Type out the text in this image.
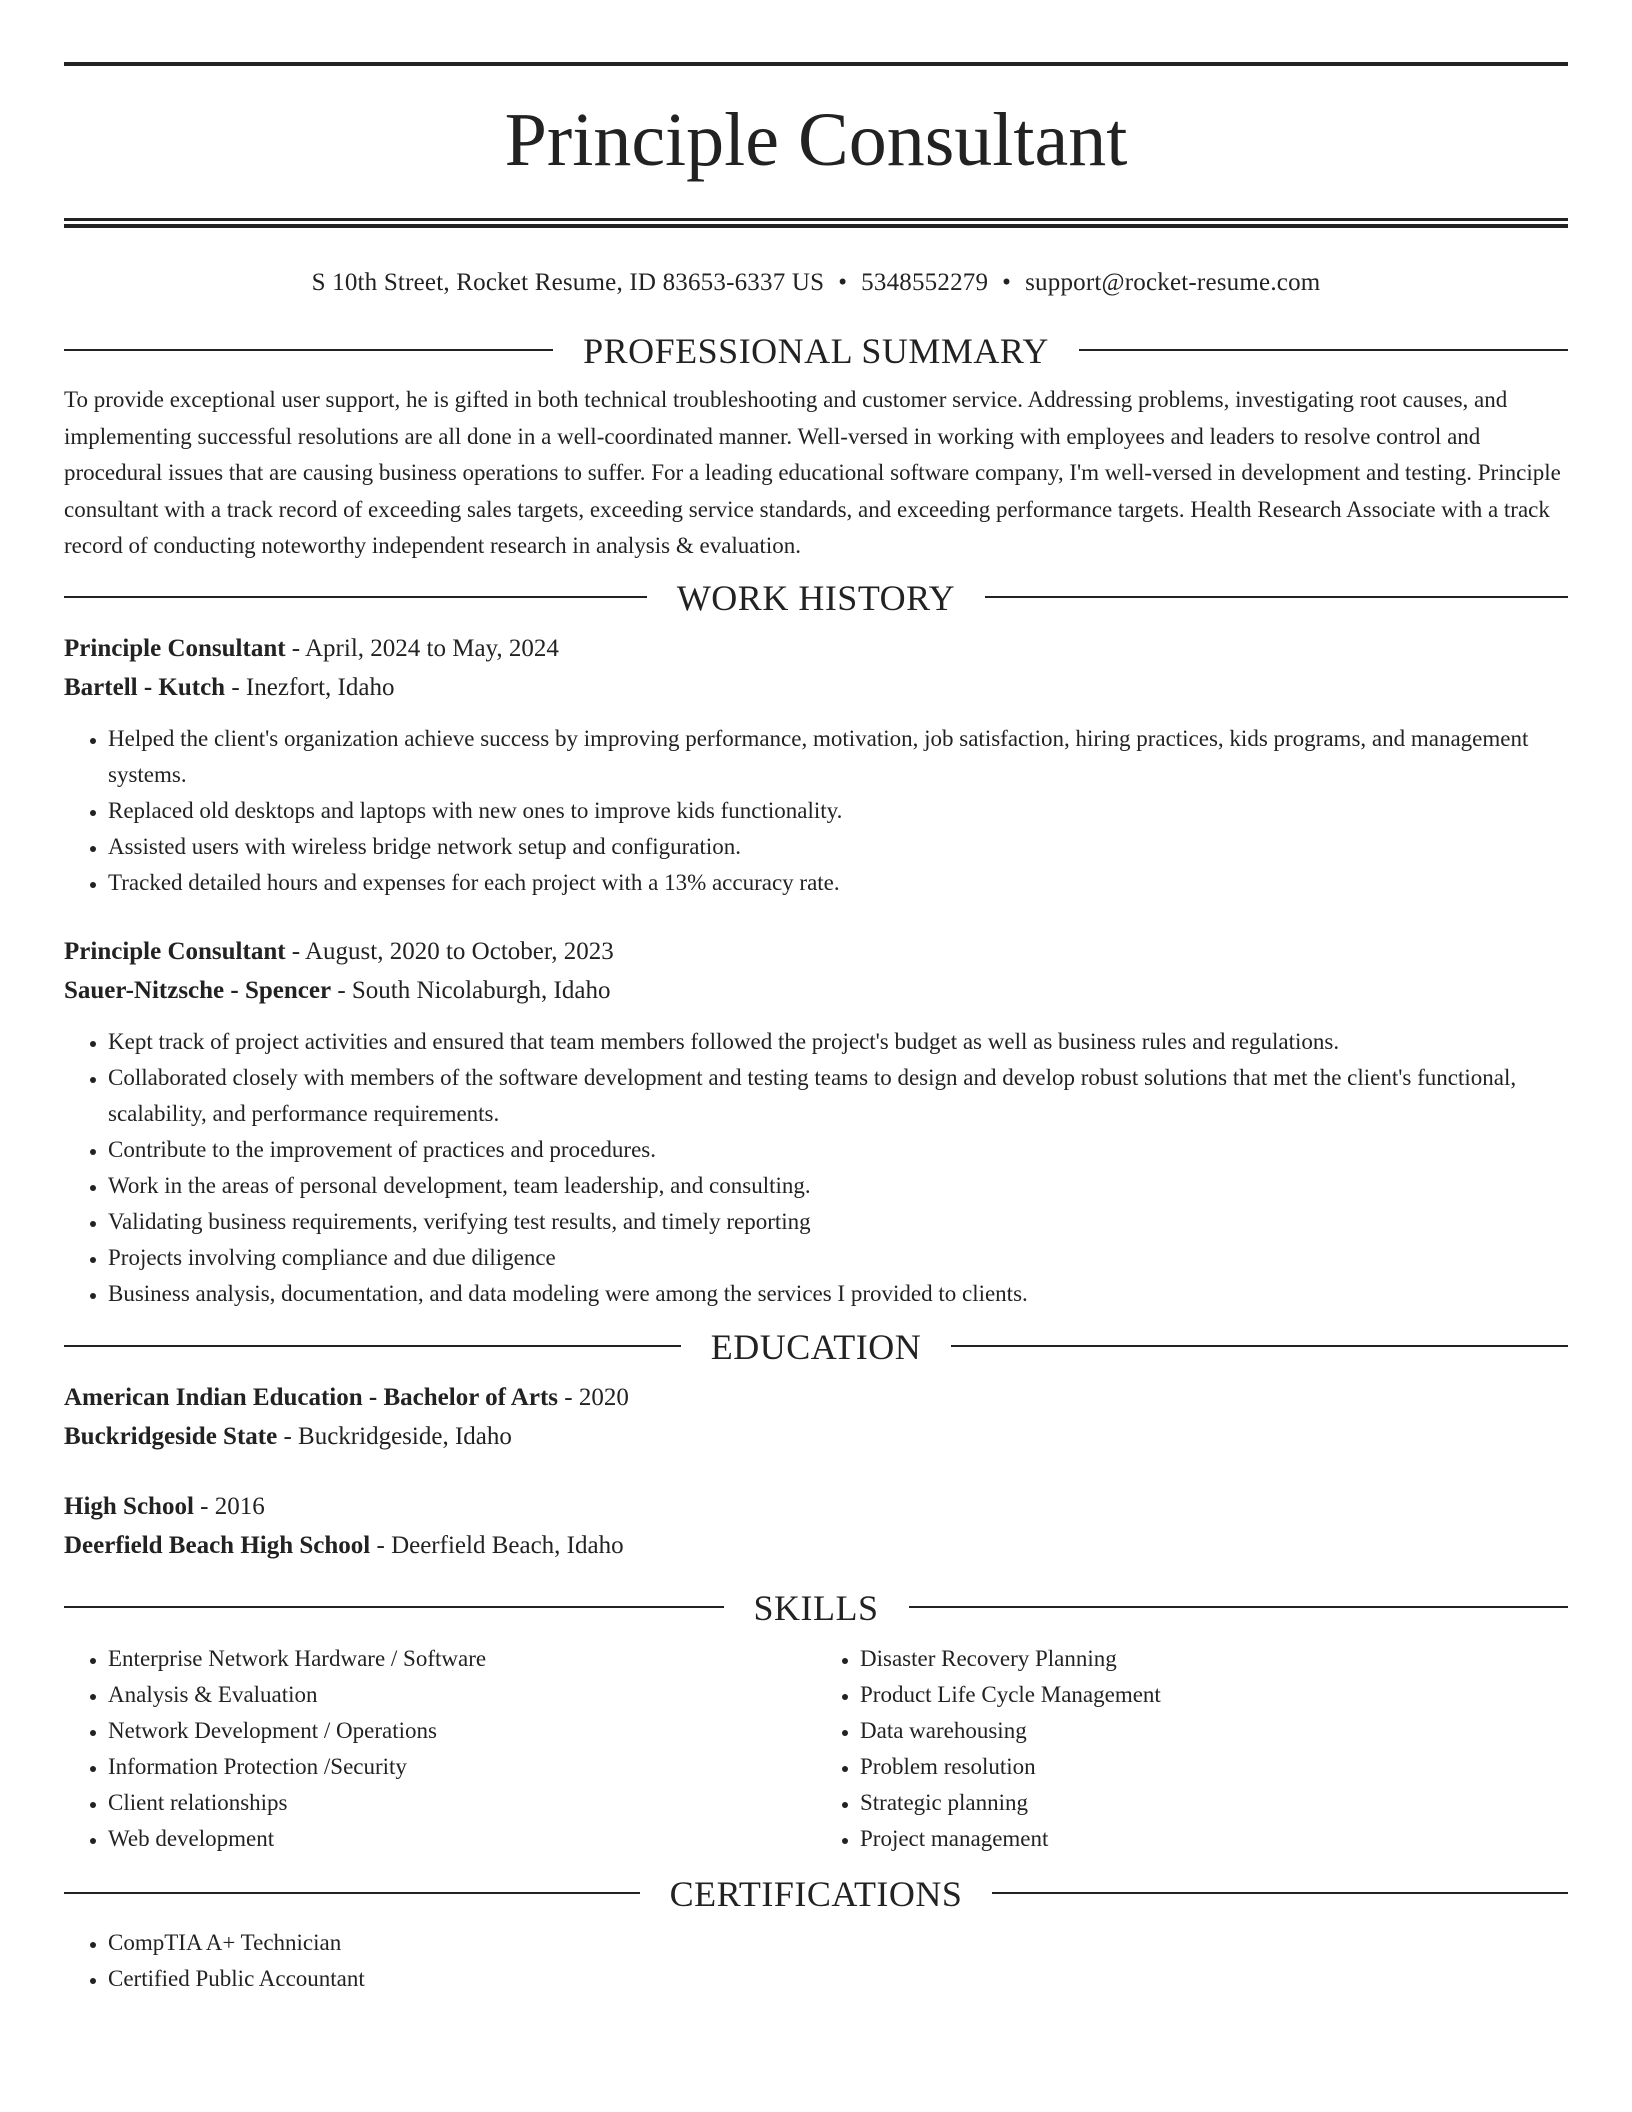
Principle Consultant
S 10th Street, Rocket Resume, ID 83653-6337 US • 5348552279 • support@rocket-resume.com
PROFESSIONAL SUMMARY
To provide exceptional user support, he is gifted in both technical troubleshooting and customer service. Addressing problems, investigating root causes, and implementing successful resolutions are all done in a well-coordinated manner. Well-versed in working with employees and leaders to resolve control and procedural issues that are causing business operations to suffer. For a leading educational software company, I'm well-versed in development and testing. Principle consultant with a track record of exceeding sales targets, exceeding service standards, and exceeding performance targets. Health Research Associate with a track record of conducting noteworthy independent research in analysis & evaluation.
WORK HISTORY
Principle Consultant - April, 2024 to May, 2024
Bartell - Kutch - Inezfort, Idaho
• Helped the client's organization achieve success by improving performance, motivation, job satisfaction, hiring practices, kids programs, and management systems.
• Replaced old desktops and laptops with new ones to improve kids functionality.
• Assisted users with wireless bridge network setup and configuration.
• Tracked detailed hours and expenses for each project with a 13% accuracy rate.
Principle Consultant - August, 2020 to October, 2023
Sauer-Nitzsche - Spencer - South Nicolaburgh, Idaho
• Kept track of project activities and ensured that team members followed the project's budget as well as business rules and regulations.
• Collaborated closely with members of the software development and testing teams to design and develop robust solutions that met the client's functional, scalability, and performance requirements.
• Contribute to the improvement of practices and procedures.
• Work in the areas of personal development, team leadership, and consulting.
• Validating business requirements, verifying test results, and timely reporting
• Projects involving compliance and due diligence
• Business analysis, documentation, and data modeling were among the services I provided to clients.
EDUCATION
American Indian Education - Bachelor of Arts - 2020
Buckridgeside State - Buckridgeside, Idaho
High School - 2016
Deerfield Beach High School - Deerfield Beach, Idaho
SKILLS
• Enterprise Network Hardware / Software
• Analysis & Evaluation
• Network Development / Operations
• Information Protection /Security
• Client relationships
• Web development
• Disaster Recovery Planning
• Product Life Cycle Management
• Data warehousing
• Problem resolution
• Strategic planning
• Project management
CERTIFICATIONS
• CompTIA A+ Technician
• Certified Public Accountant
